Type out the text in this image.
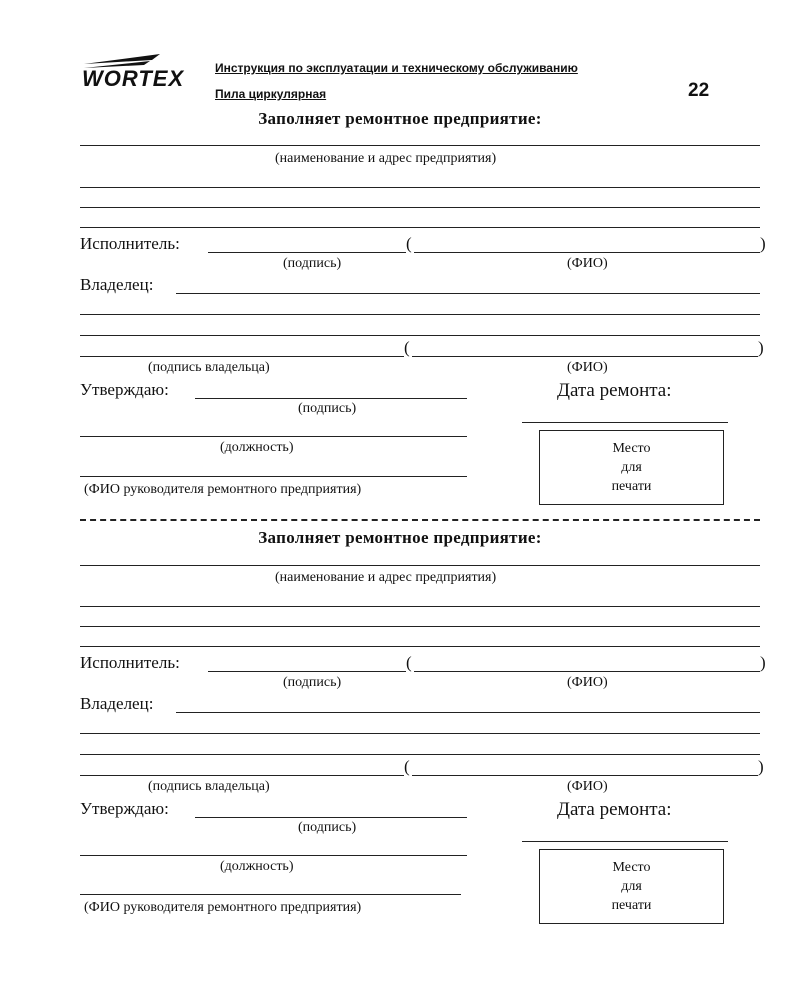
WORTEX	Инструкция по эксплуатации и техническому обслуживанию
Пила циркулярная	22
Заполняет ремонтное предприятие:
(наименование и адрес предприятия)
Исполнитель:	(	)
(подпись)	(ФИО)
Владелец:
(	)
(подпись владельца)	(ФИО)
Утверждаю:
(подпись)
Дата ремонта:
(должность)
(ФИО руководителя ремонтного предприятия)
Место
для
печати
Заполняет ремонтное предприятие:
(наименование и адрес предприятия)
Исполнитель:	(	)
(подпись)	(ФИО)
Владелец:
(	)
(подпись владельца)	(ФИО)
Утверждаю:
(подпись)
Дата ремонта:
(должность)
(ФИО руководителя ремонтного предприятия)
Место
для
печати
